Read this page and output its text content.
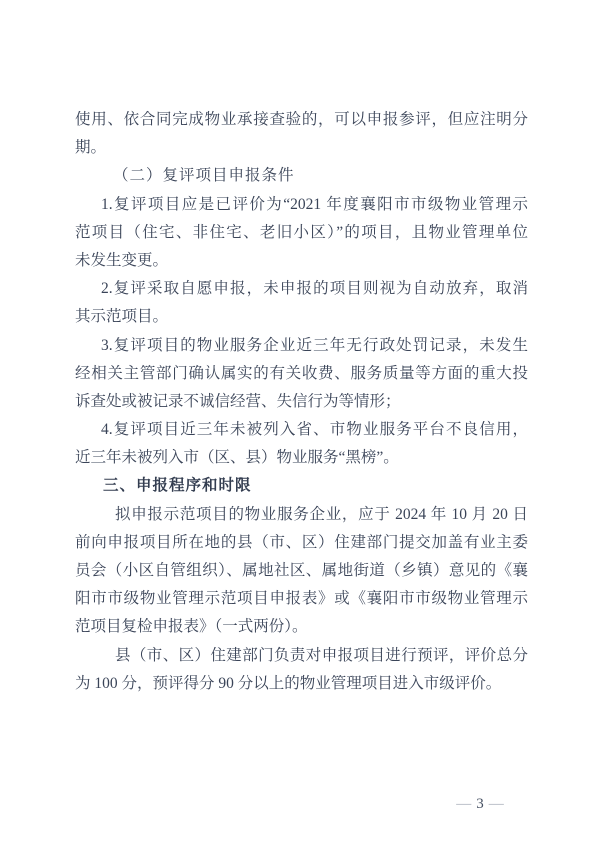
使用、依合同完成物业承接查验的，可以申报参评，但应注明分
期。
（二）复评项目申报条件
1.复评项目应是已评价为“2021 年度襄阳市市级物业管理示
范项目（住宅、非住宅、老旧小区）”的项目，且物业管理单位
未发生变更。
2.复评采取自愿申报，未申报的项目则视为自动放弃，取消
其示范项目。
3.复评项目的物业服务企业近三年无行政处罚记录，未发生
经相关主管部门确认属实的有关收费、服务质量等方面的重大投
诉查处或被记录不诚信经营、失信行为等情形；
4.复评项目近三年未被列入省、市物业服务平台不良信用，
近三年未被列入市（区、县）物业服务“黑榜”。
三、申报程序和时限
拟申报示范项目的物业服务企业，应于 2024 年 10 月 20 日
前向申报项目所在地的县（市、区）住建部门提交加盖有业主委
员会（小区自管组织）、属地社区、属地街道（乡镇）意见的《襄
阳市市级物业管理示范项目申报表》或《襄阳市市级物业管理示
范项目复检申报表》（一式两份）。
县（市、区）住建部门负责对申报项目进行预评，评价总分
为 100 分，预评得分 90 分以上的物业管理项目进入市级评价。
— 3 —
